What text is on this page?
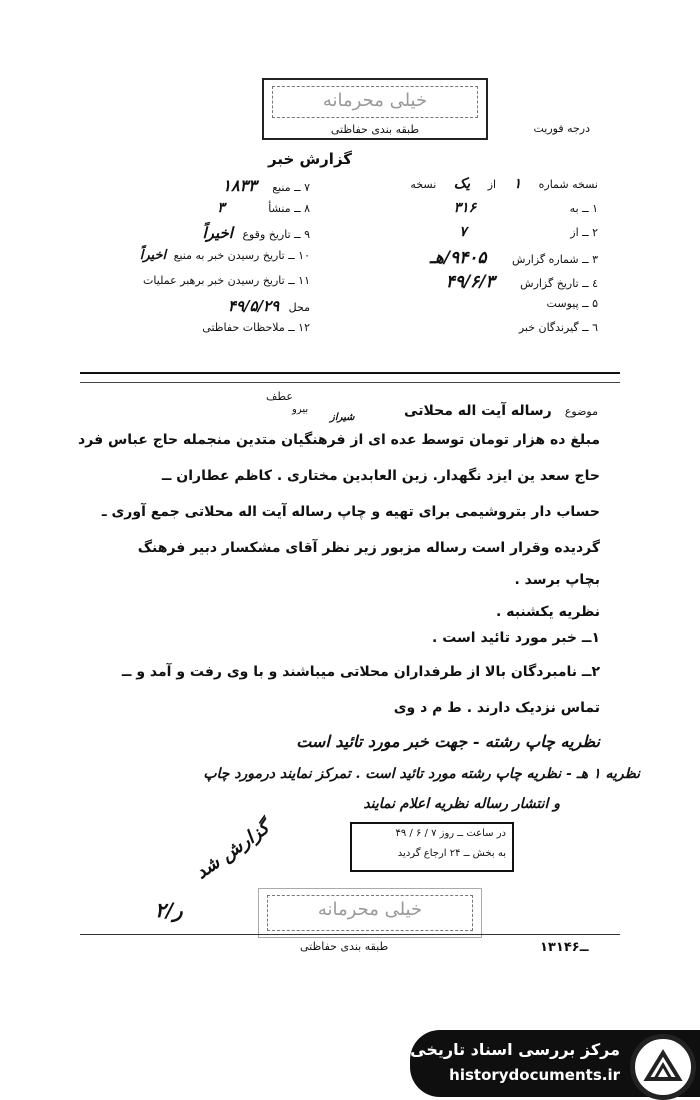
خیلی محرمانه
طبقه بندی حفاظتی	درجه فوریت
گزارش خبر
نسخه شماره ۱ از یک نسخه
۱ ــ به ۳۱۶
۲ ــ از ۷
۳ ــ شماره گزارش ۹۴۰۵/هـ
٤ ــ تاریخ گزارش ۴۹/۶/۳
۵ ــ پیوست
٦ ــ گیرندگان خبر
۷ ــ منبع ۱۸۳۳
۸ ــ منشأ ۳
۹ ــ تاریخ وقوع اخیراً
۱۰ ــ تاریخ رسیدن خبر به منبع اخیراً
۱۱ ــ تاریخ رسیدن خبر برهبر عملیات
محل ۴۹/۵/۲۹
۱۲ ــ ملاحظات حفاظتی
عطف
بیرو
شیراز	موضوع رساله آیت اله محلاتی
مبلغ ده هزار تومان توسط عده ای از فرهنگیان متدین منجمله حاج عباس فرد
حاج سعد ین ایزد نگهدار. زین العابدین مختاری . کاظم عطاران ــ
حساب دار بتروشیمی برای تهیه و چاپ رساله آیت اله محلاتی جمع آوری ـ
گردیده وقرار است رساله مزبور زیر نظر آقای مشکسار دبیر فرهنگ
بچاپ برسد .
نظریه یکشنبه .
۱ــ خبر مورد تائید است .
۲ــ نامبردگان بالا از طرفداران محلاتی میباشند و با وی رفت و آمد و ــ
تماس نزدیک دارند . ط م د وی
نظریه چاپ رشته - جهت خبر مورد تائید است
نظریه ۱ هـ - نظریه چاپ رشته مورد تائید است . تمرکز نمایند درمورد چاپ
و انتشار رساله نظریه اعلام نمایند
گزارش شد
ر/۲
در ساعت ــ روز ۷ / ۶ / ۴۹
به بخش ــ ۲۴ ارجاع گردید
خیلی محرمانه
طبقه بندی حفاظتی	۱۳۱ــ۴۶
مرکز بررسی اسناد تاریخی
historydocuments.ir
